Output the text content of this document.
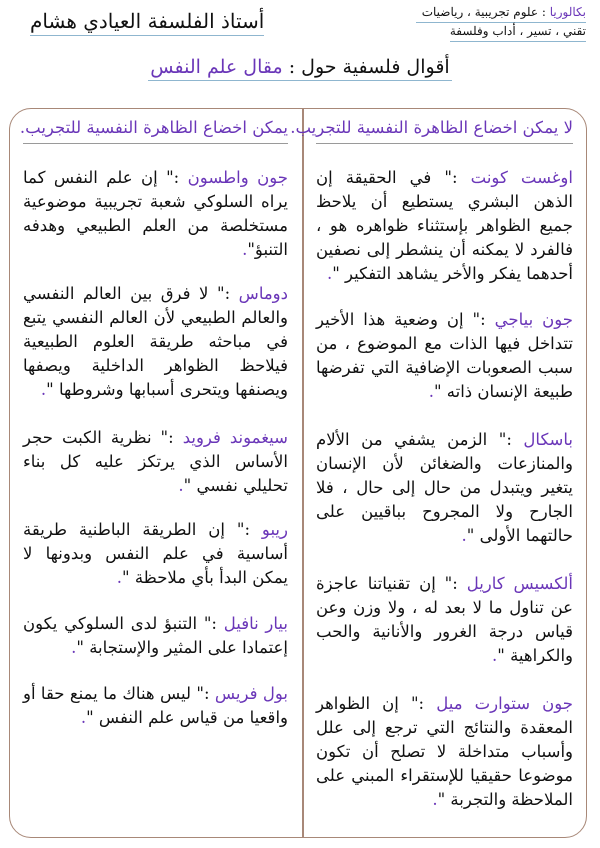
بكالوريا : علوم تجريبية ، رياضيات
تقني ، تسير ، أداب وفلسفة
أستاذ الفلسفة العيادي هشام
أقوال فلسفية حول : مقال علم النفس
لا يمكن اخضاع الظاهرة النفسية للتجريب.
اوغست كونت :" في الحقيقة إن الذهن البشري يستطيع أن يلاحظ جميع الظواهر بإستثناء ظواهره هو ، فالفرد لا يمكنه أن ينشطر إلى نصفين أحدهما يفكر والأخر يشاهد التفكير ".
جون بياجي :" إن وضعية هذا الأخير تتداخل فيها الذات مع الموضوع ، من سبب الصعوبات الإضافية التي تفرضها طبيعة الإنسان ذاته ".
باسكال :" الزمن يشفي من الألام والمنازعات والضغائن لأن الإنسان يتغير ويتبدل من حال إلى حال ، فلا الجارح ولا المجروح بباقيين على حالتهما الأولى ".
ألكسيس كاريل :" إن تقنياتنا عاجزة عن تناول ما لا بعد له ، ولا وزن وعن قياس درجة الغرور والأنانية والحب والكراهية ".
جون ستوارت ميل :" إن الظواهر المعقدة والنتائج التي ترجع إلى علل وأسباب متداخلة لا تصلح أن تكون موضوعا حقيقيا للإستقراء المبني على الملاحظة والتجربة ".
يمكن اخضاع الظاهرة النفسية للتجريب.
جون واطسون :" إن علم النفس كما يراه السلوكي شعبة تجريبية موضوعية مستخلصة من العلم الطبيعي وهدفه التنبؤ".
دوماس :" لا فرق بين العالم النفسي والعالم الطبيعي لأن العالم النفسي يتبع في مباحثه طريقة العلوم الطبيعية فيلاحظ الظواهر الداخلية ويصفها ويصنفها ويتحرى أسبابها وشروطها ".
سيغموند فرويد :" نظرية الكبت حجر الأساس الذي يرتكز عليه كل بناء تحليلي نفسي ".
ريبو :" إن الطريقة الباطنية طريقة أساسية في علم النفس وبدونها لا يمكن البدأ بأي ملاحظة ".
بيار نافيل :" التنبؤ لدى السلوكي يكون إعتمادا على المثير والإستجابة ".
بول فريس :" ليس هناك ما يمنع حقا أو واقعيا من قياس علم النفس ".
